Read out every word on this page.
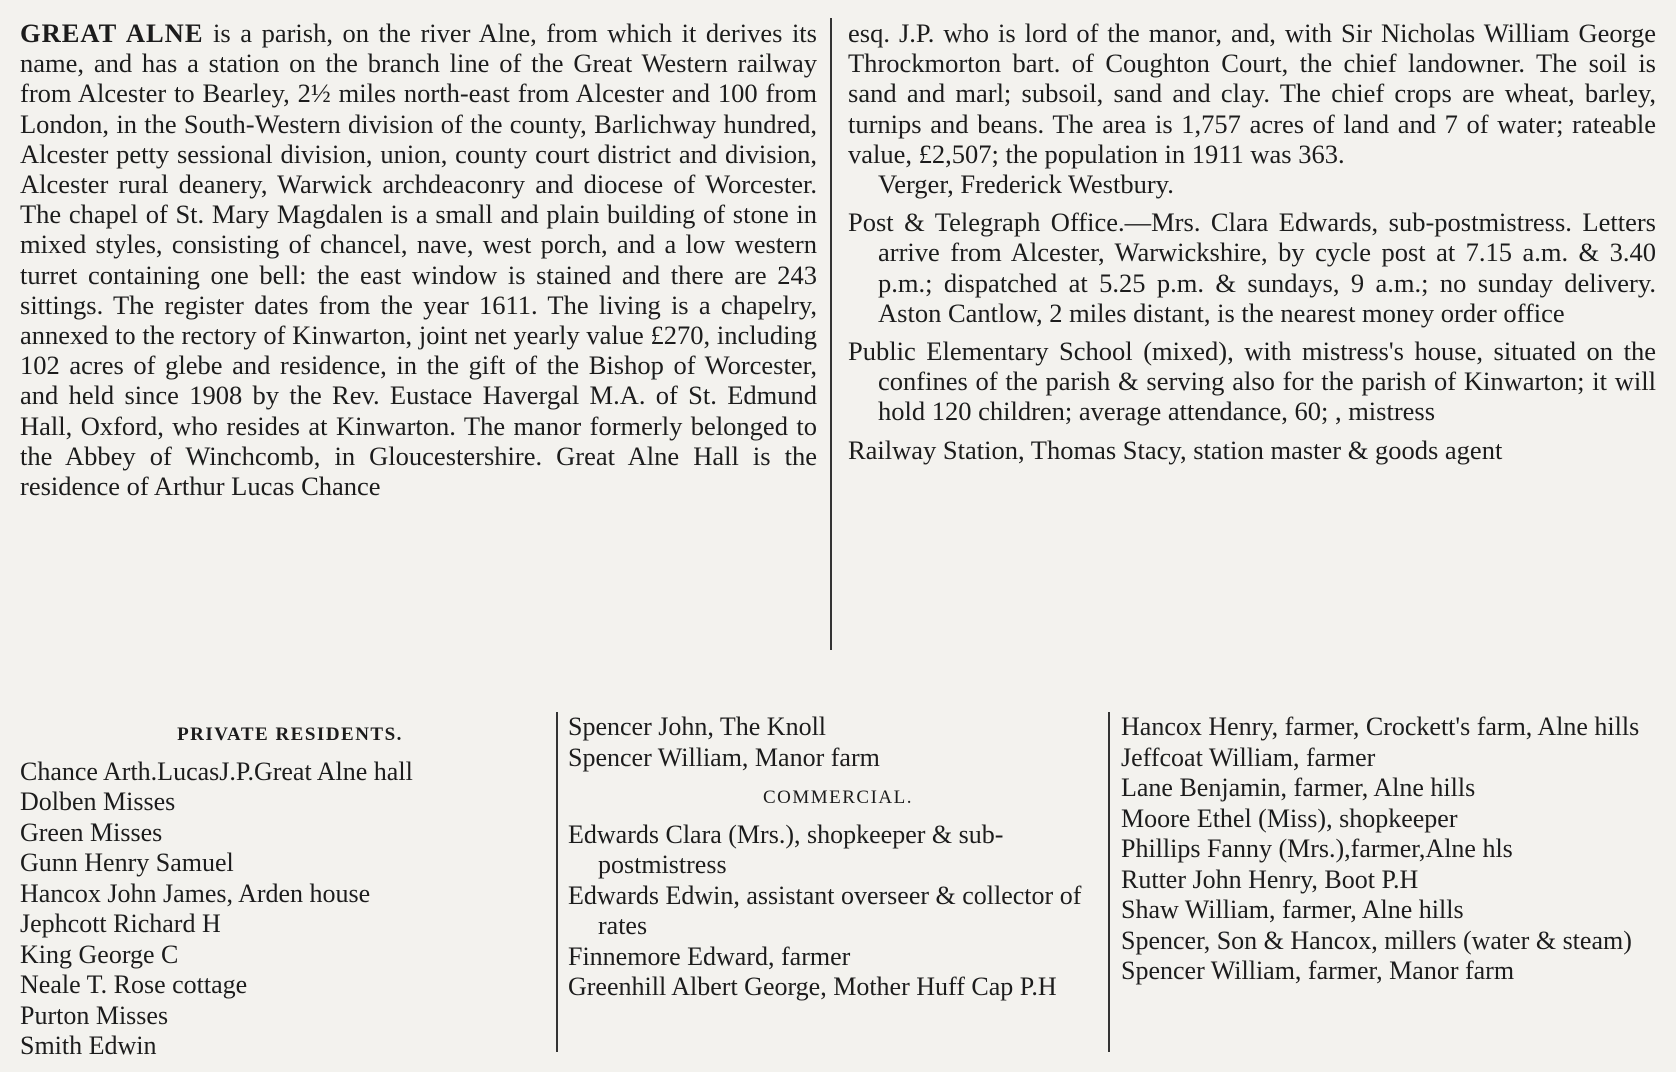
GREAT ALNE is a parish, on the river Alne, from which it derives its name, and has a station on the branch line of the Great Western railway from Alcester to Bearley, 2½ miles north-east from Alcester and 100 from London, in the South-Western division of the county, Barlichway hundred, Alcester petty sessional division, union, county court district and division, Alcester rural deanery, Warwick archdeaconry and diocese of Worcester. The chapel of St. Mary Magdalen is a small and plain building of stone in mixed styles, consisting of chancel, nave, west porch, and a low western turret containing one bell: the east window is stained and there are 243 sittings. The register dates from the year 1611. The living is a chapelry, annexed to the rectory of Kinwarton, joint net yearly value £270, including 102 acres of glebe and residence, in the gift of the Bishop of Worcester, and held since 1908 by the Rev. Eustace Havergal M.A. of St. Edmund Hall, Oxford, who resides at Kinwarton. The manor formerly belonged to the Abbey of Winchcomb, in Gloucestershire. Great Alne Hall is the residence of Arthur Lucas Chance

esq. J.P. who is lord of the manor, and, with Sir Nicholas William George Throckmorton bart. of Coughton Court, the chief landowner. The soil is sand and marl; subsoil, sand and clay. The chief crops are wheat, barley, turnips and beans. The area is 1,757 acres of land and 7 of water; rateable value, £2,507; the population in 1911 was 363.

Verger, Frederick Westbury.

Post & Telegraph Office.—Mrs. Clara Edwards, sub-postmistress. Letters arrive from Alcester, Warwickshire, by cycle post at 7.15 a.m. & 3.40 p.m.; dispatched at 5.25 p.m. & sundays, 9 a.m.; no sunday delivery. Aston Cantlow, 2 miles distant, is the nearest money order office

Public Elementary School (mixed), with mistress's house, situated on the confines of the parish & serving also for the parish of Kinwarton; it will hold 120 children; average attendance, 60; , mistress

Railway Station, Thomas Stacy, station master & goods agent

PRIVATE RESIDENTS.

Chance Arth.LucasJ.P.Great Alne hall

Dolben Misses

Green Misses

Gunn Henry Samuel

Hancox John James, Arden house

Jephcott Richard H

King George C

Neale T. Rose cottage

Purton Misses

Smith Edwin

Spencer John, The Knoll

Spencer William, Manor farm

COMMERCIAL.

Edwards Clara (Mrs.), shopkeeper & sub-postmistress

Edwards Edwin, assistant overseer & collector of rates

Finnemore Edward, farmer

Greenhill Albert George, Mother Huff Cap P.H

Hancox Henry, farmer, Crockett's farm, Alne hills

Jeffcoat William, farmer

Lane Benjamin, farmer, Alne hills

Moore Ethel (Miss), shopkeeper

Phillips Fanny (Mrs.),farmer,Alne hls

Rutter John Henry, Boot P.H

Shaw William, farmer, Alne hills

Spencer, Son & Hancox, millers (water & steam)

Spencer William, farmer, Manor farm
